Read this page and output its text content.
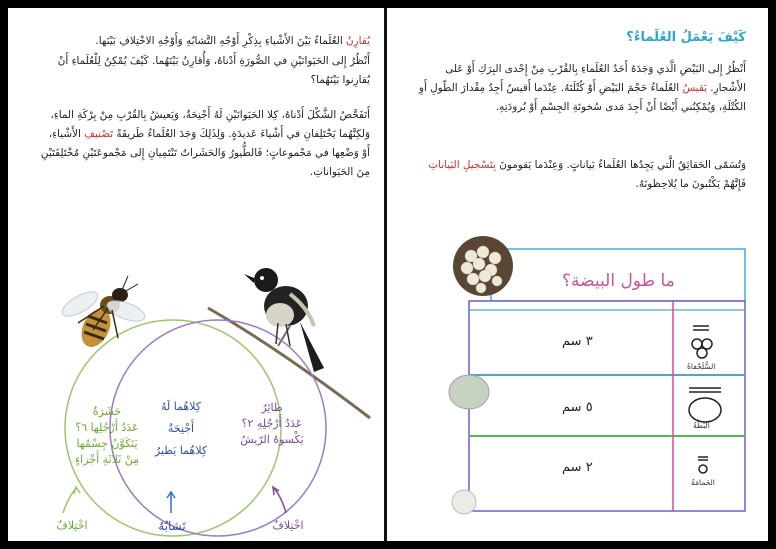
يُقارِنُ العُلَماءُ بَيْنَ الأَشْياءِ بِذِكْرِ أَوْجُهِ التَّشابُهِ وَأَوْجُهِ الاخْتِلافِ بَيْنَها.
أَنْظُرُ إِلى الحَيَوانَيْنِ في الصُّورَةِ أَدْناهُ، وَأُقارِنُ بَيْنَهُما. كَيْفَ يُمْكِنُ لِلْعُلَماءِ أَنْ يُقارِنوا بَيْنَهُما؟
أَتَفَحَّصُ الشَّكْلَ أَدْناهُ، كِلا الحَيَوانَيْنِ لَهُ أَجْنِحَةٌ، وَيَعيشُ بِالقُرْبِ مِنْ بِرْكَةِ الماءِ، وَلكِنَّهُما يَخْتَلِفانِ في أَشْياءَ عَديدَةٍ. وَلِذَلِكَ وَجَدَ العُلَماءُ طَريقَةً تَصْنيفِ الأَشْياءِ، أَوْ وَضْعِها في مَجْموعاتٍ؛ فَالطُّيورُ وَالحَشَراتُ تَنْتَمِيانِ إِلى مَجْموعَتَيْنِ مُخْتَلِفَتَيْنِ مِنَ الحَيَواناتِ.
حَشَرَةٌ
عَدَدُ أَرْجُلِها ٦؟
يَتَكَوَّنُ جِسْمُها
مِنْ ثَلاثَةِ أَجْزاءٍ
كِلاهُما لَهُ
أَجْنِحَةٌ
كِلاهُما يَطيرُ
طائِرٌ
عَدَدُ أَرْجُلِهِ ٢؟
يَكْسوهُ الرّيشُ
اخْتِلافٌ	تَشابُهٌ	اخْتِلافٌ
كَيْفَ يَعْمَلُ العُلَماءُ؟
أَنْظُرُ إِلى البَيْضِ الَّذي وَجَدَهُ أَحَدُ العُلَماءِ بِالقُرْبِ مِنْ إِحْدى البِرَكِ أَوْ عَلى الأَشْجارِ. يَقيسُ العُلَماءُ حَجْمَ البَيْضِ أَوْ كُتْلَتَهُ. عِنْدَما أَقيسُ أَجِدُ مِقْدارَ الطّولِ أَوِ الكُتْلَةِ، وَيُمْكِنُني أَيْضًا أَنْ أَجِدَ مَدى سُخونَةِ الجِسْمِ أَوْ بُرودَتِهِ.
وَتُسَمّى الحَقائِقُ الَّتي يَجِدُها العُلَماءُ بَياناتٍ. وَعِنْدَما يَقومونَ بِتَسْجيلِ البَياناتِ فَإِنَّهُمْ يَكْتُبونَ ما يُلاحِظونَهُ.
ما طول البيضة؟
٣ سم
٥ سم
٢ سم
السُّلَحْفاةُ
البَطَّةُ
الحَمامَةُ
